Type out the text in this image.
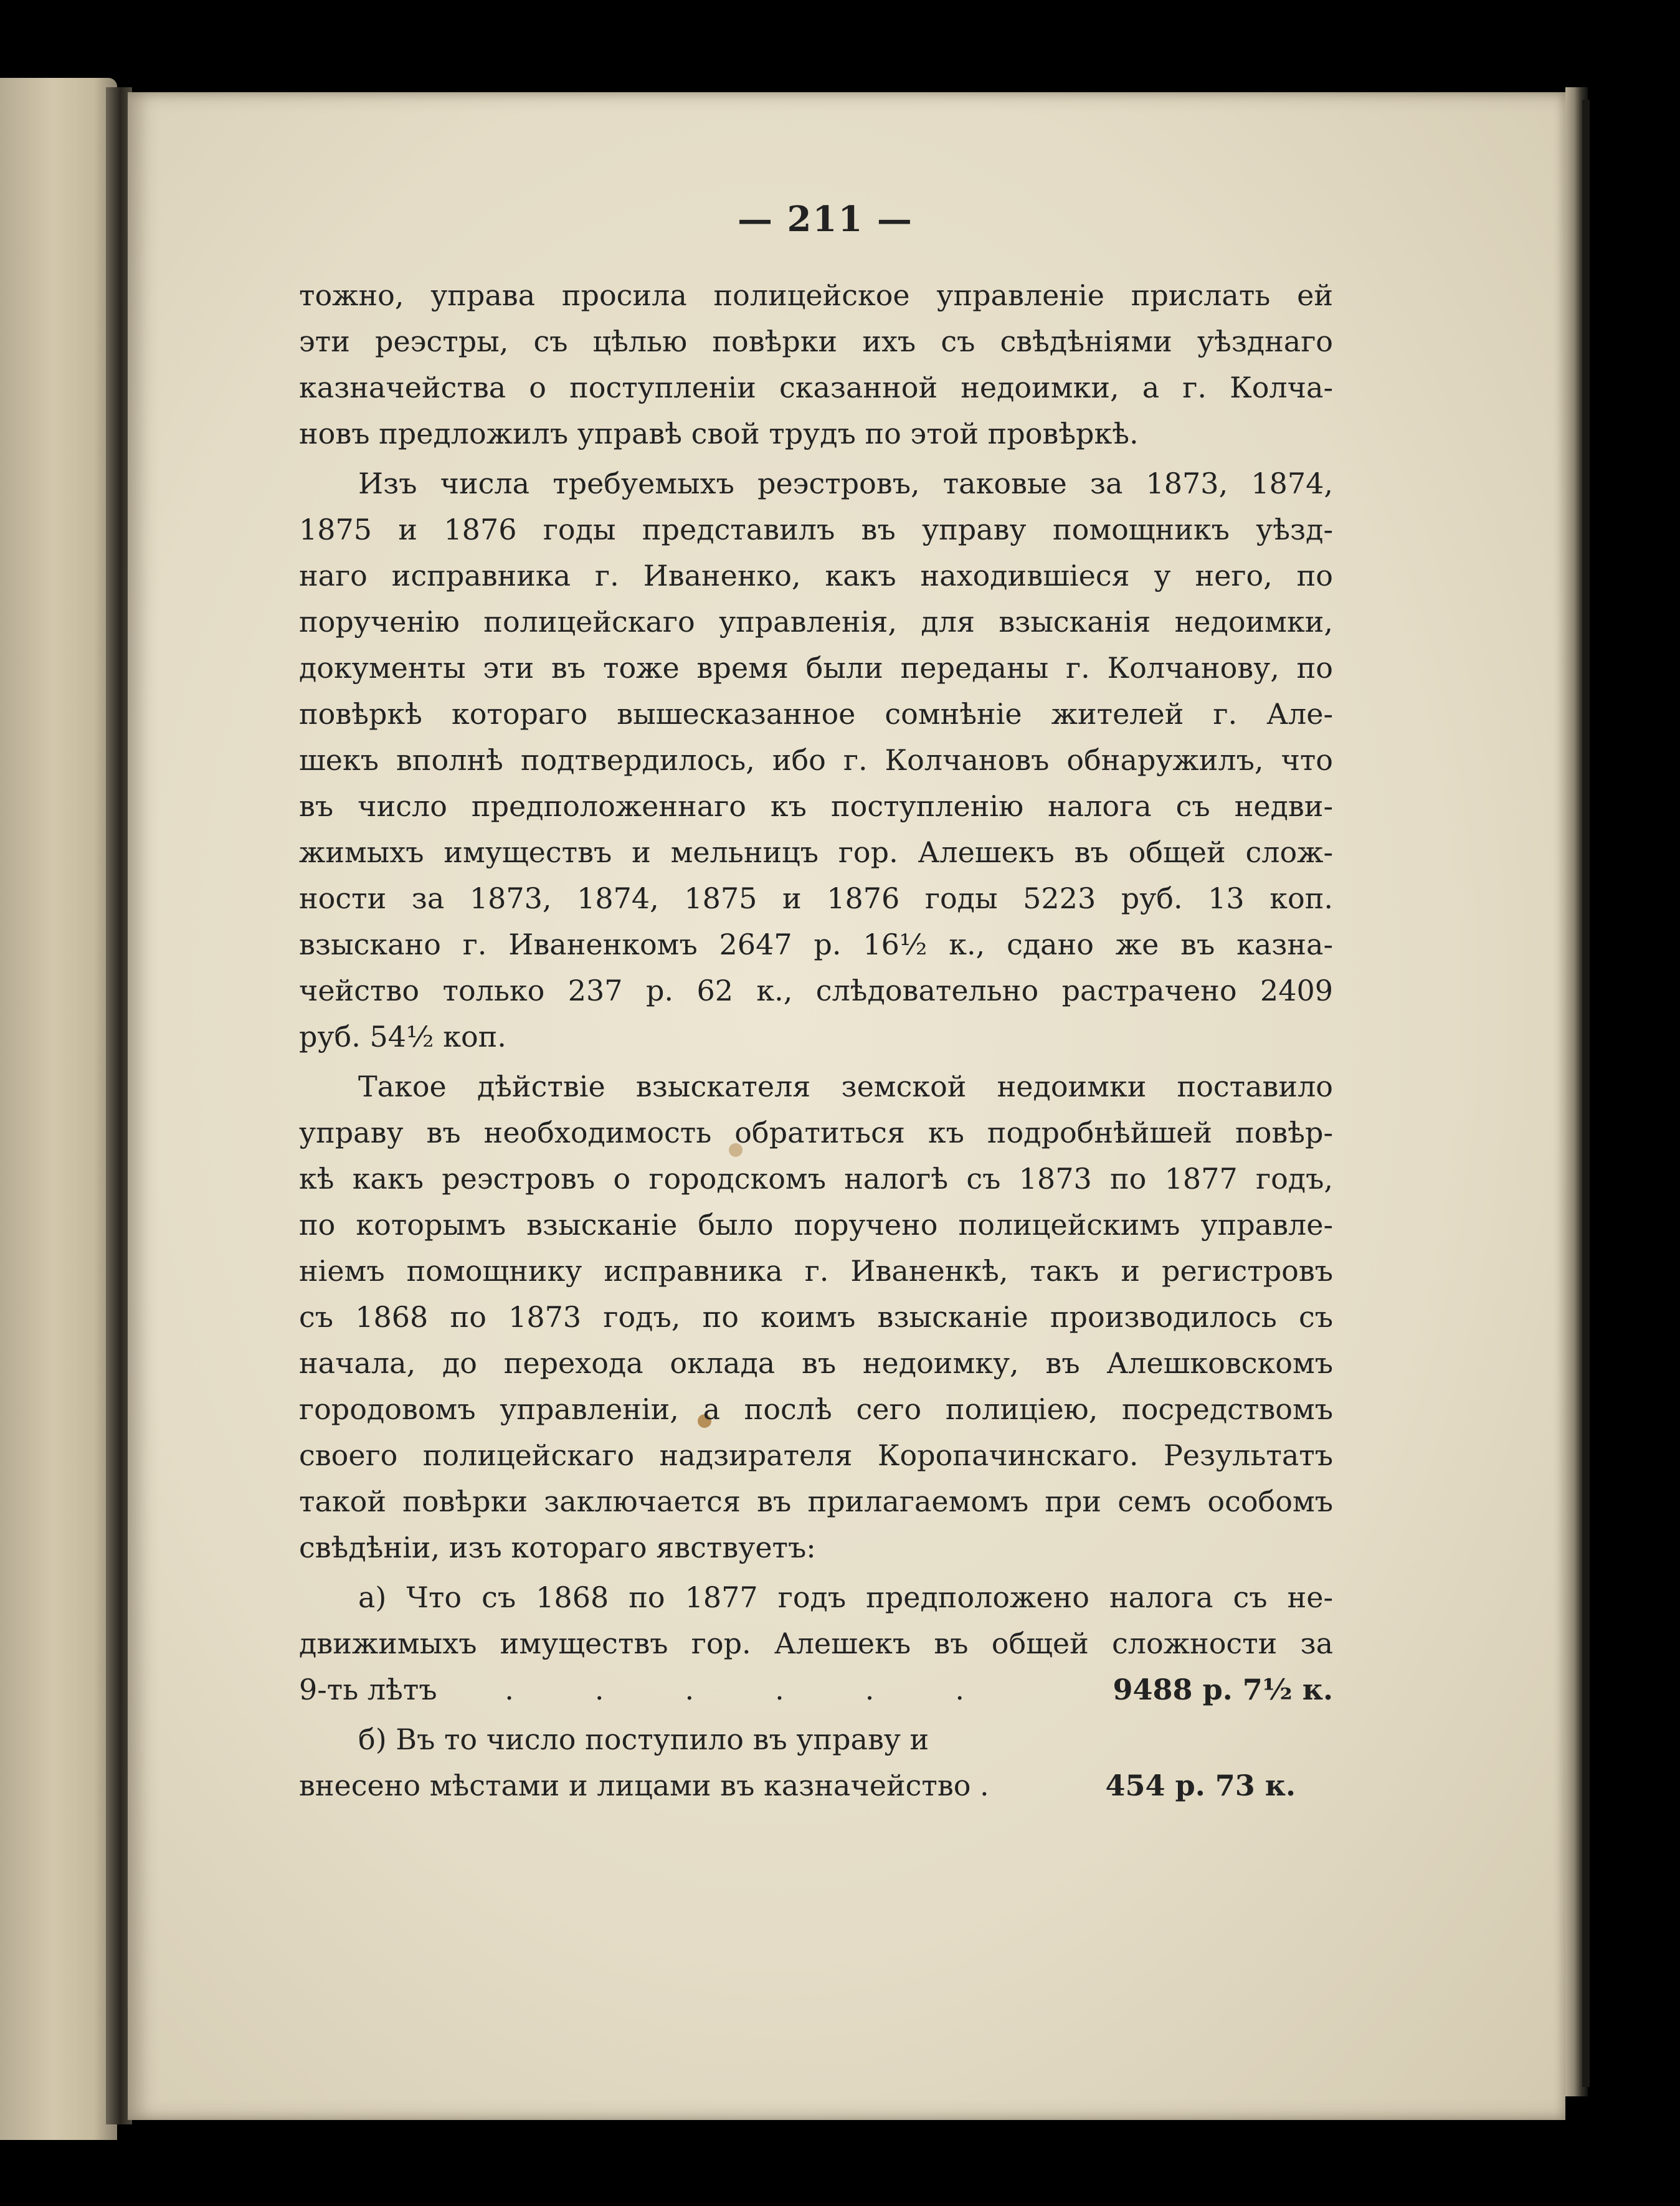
— 211 —
тожно, управа просила полицейское управленіе прислать ей
эти реэстры, съ цѣлью повѣрки ихъ съ свѣдѣніями уѣзднаго
казначейства о поступленіи сказанной недоимки, а г. Колча-
новъ предложилъ управѣ свой трудъ по этой провѣркѣ.
Изъ числа требуемыхъ реэстровъ, таковые за 1873, 1874,
1875 и 1876 годы представилъ въ управу помощникъ уѣзд-
наго исправника г. Иваненко, какъ находившіеся у него, по
порученію полицейскаго управленія, для взысканія недоимки,
документы эти въ тоже время были переданы г. Колчанову, по
повѣркѣ котораго вышесказанное сомнѣніе жителей г. Але-
шекъ вполнѣ подтвердилось, ибо г. Колчановъ обнаружилъ, что
въ число предположеннаго къ поступленію налога съ недви-
жимыхъ имуществъ и мельницъ гор. Алешекъ въ общей слож-
ности за 1873, 1874, 1875 и 1876 годы 5223 руб. 13 коп.
взыскано г. Иваненкомъ 2647 р. 16½ к., сдано же въ казна-
чейство только 237 р. 62 к., слѣдовательно растрачено 2409
руб. 54½ коп.
Такое дѣйствіе взыскателя земской недоимки поставило
управу въ необходимость обратиться къ подробнѣйшей повѣр-
кѣ какъ реэстровъ о городскомъ налогѣ съ 1873 по 1877 годъ,
по которымъ взысканіе было поручено полицейскимъ управле-
ніемъ помощнику исправника г. Иваненкѣ, такъ и регистровъ
съ 1868 по 1873 годъ, по коимъ взысканіе производилось съ
начала, до перехода оклада въ недоимку, въ Алешковскомъ
городовомъ управленіи, а послѣ сего полиціею, посредствомъ
своего полицейскаго надзирателя Коропачинскаго. Результатъ
такой повѣрки заключается въ прилагаемомъ при семъ особомъ
свѣдѣніи, изъ котораго явствуетъ:
а) Что съ 1868 по 1877 годъ предположено налога съ не-
движимыхъ имуществъ гор. Алешекъ въ общей сложности за
9-ть лѣтъ ...... 9488 р. 7½ к.
б) Въ то число поступило въ управу и
внесено мѣстами и лицами въ казначейство .	454 р. 73 к.
